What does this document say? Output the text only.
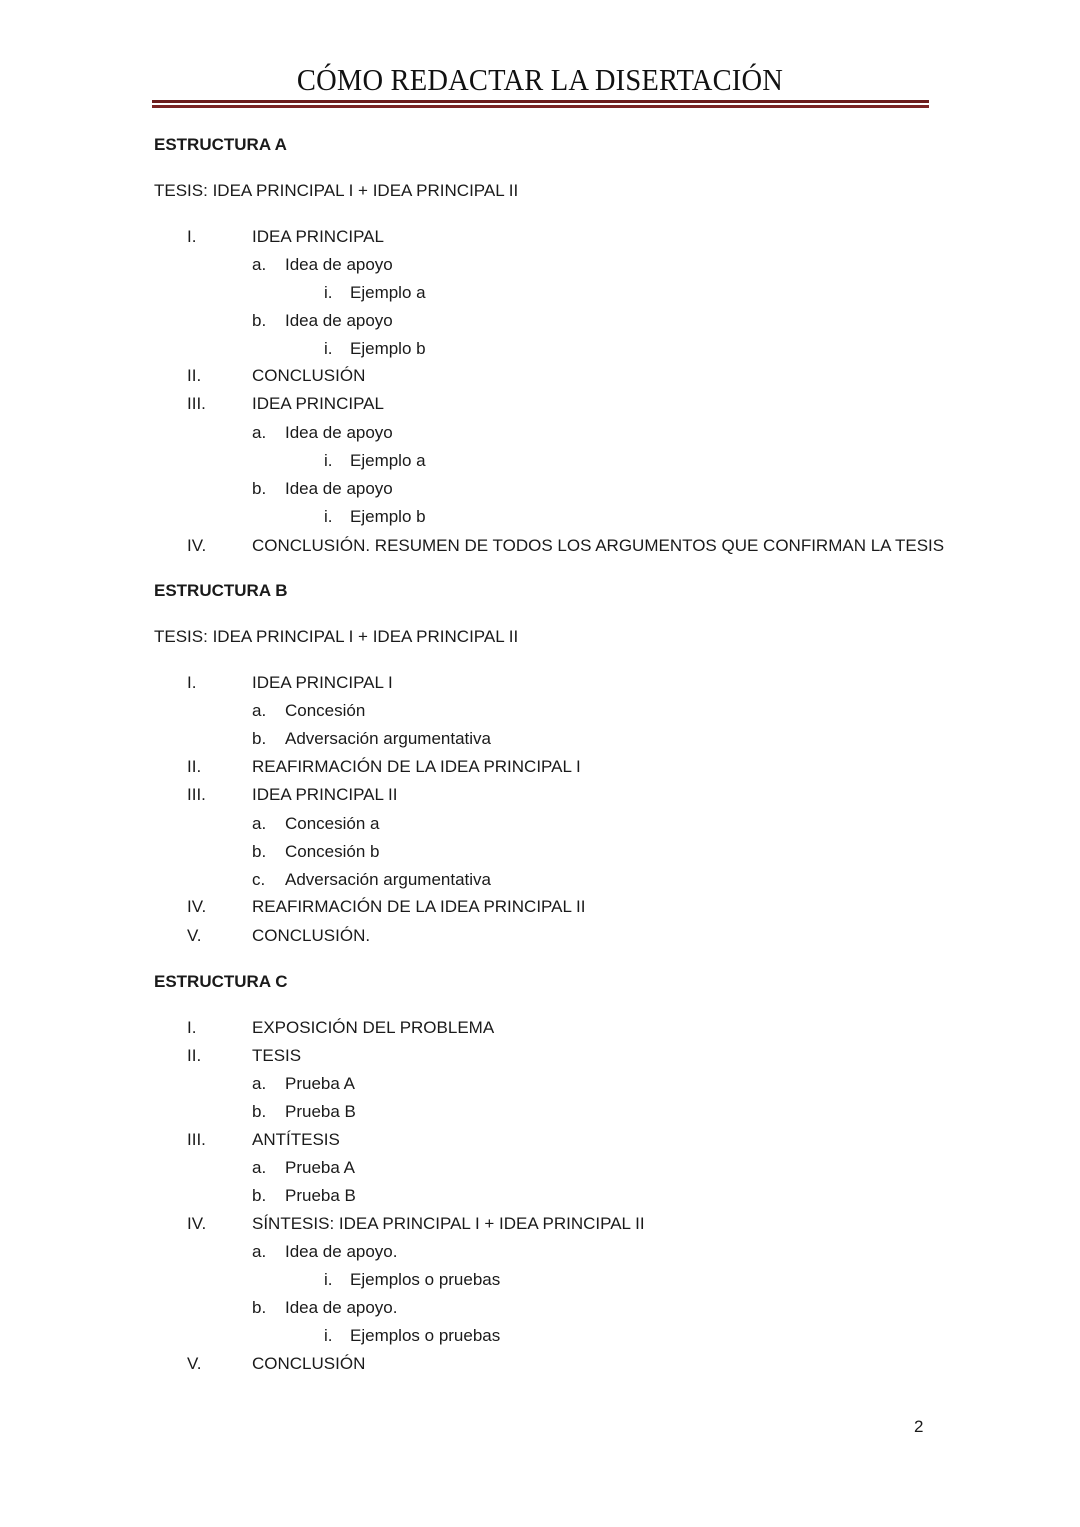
CÓMO REDACTAR LA DISERTACIÓN
ESTRUCTURA A
TESIS: IDEA PRINCIPAL I + IDEA PRINCIPAL II
I.	IDEA PRINCIPAL
a. Idea de apoyo
i. Ejemplo a
b. Idea de apoyo
i. Ejemplo b
II.	CONCLUSIÓN
III.	IDEA PRINCIPAL
a. Idea de apoyo
i. Ejemplo a
b. Idea de apoyo
i. Ejemplo b
IV.	CONCLUSIÓN. RESUMEN DE TODOS LOS ARGUMENTOS QUE CONFIRMAN LA TESIS
ESTRUCTURA B
TESIS: IDEA PRINCIPAL I + IDEA PRINCIPAL II
I.	IDEA PRINCIPAL I
a. Concesión
b. Adversación argumentativa
II.	REAFIRMACIÓN DE LA IDEA PRINCIPAL I
III.	IDEA PRINCIPAL II
a. Concesión a
b. Concesión b
c. Adversación argumentativa
IV.	REAFIRMACIÓN DE LA IDEA PRINCIPAL II
V.	CONCLUSIÓN.
ESTRUCTURA C
I.	EXPOSICIÓN DEL PROBLEMA
II.	TESIS
a. Prueba A
b. Prueba B
III.	ANTÍTESIS
a. Prueba A
b. Prueba B
IV.	SÍNTESIS: IDEA PRINCIPAL I + IDEA PRINCIPAL II
a. Idea de apoyo.
i. Ejemplos o pruebas
b. Idea de apoyo.
i. Ejemplos o pruebas
V.	CONCLUSIÓN
2
